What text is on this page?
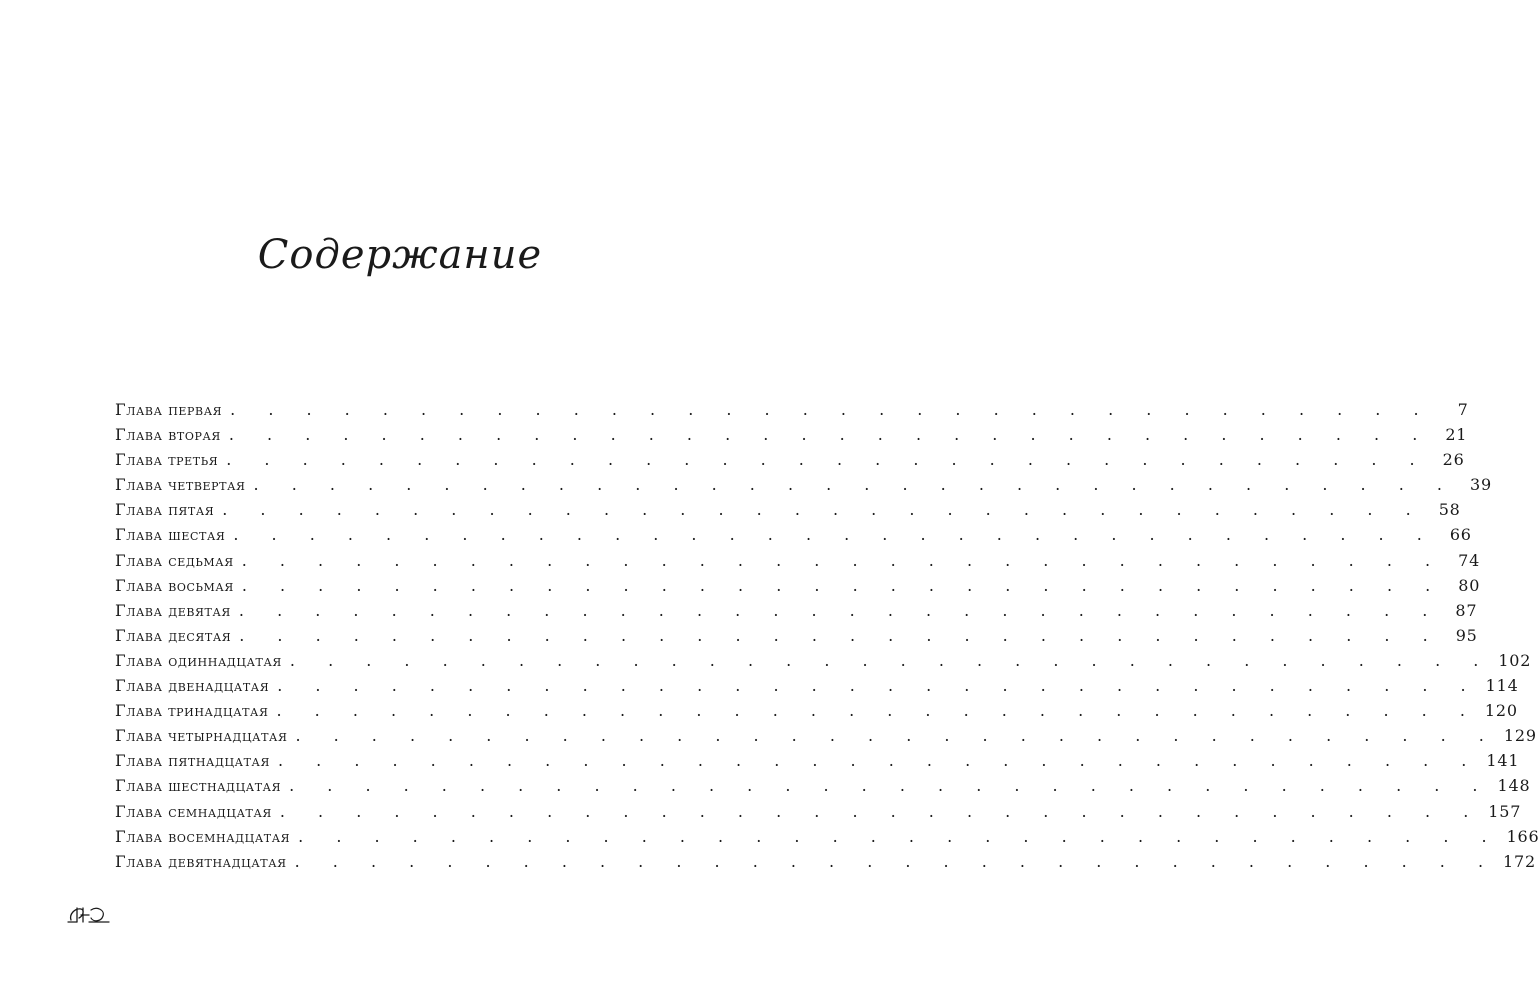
Содержание
Глава первая . . . . . . . . . . . . . . . . . . . . . . . . . . . . . . . .	7
Глава вторая . . . . . . . . . . . . . . . . . . . . . . . . . . . . . . . . 21
Глава третья . . . . . . . . . . . . . . . . . . . . . . . . . . . . . . . . 26
Глава четвертая . . . . . . . . . . . . . . . . . . . . . . . . . . . . . . . . 39
Глава пятая . . . . . . . . . . . . . . . . . . . . . . . . . . . . . . . . 58
Глава шестая . . . . . . . . . . . . . . . . . . . . . . . . . . . . . . . . 66
Глава седьмая . . . . . . . . . . . . . . . . . . . . . . . . . . . . . . . . 74
Глава восьмая . . . . . . . . . . . . . . . . . . . . . . . . . . . . . . . . 80
Глава девятая . . . . . . . . . . . . . . . . . . . . . . . . . . . . . . . . 87
Глава десятая . . . . . . . . . . . . . . . . . . . . . . . . . . . . . . . . 95
Глава одиннадцатая . . . . . . . . . . . . . . . . . . . . . . . . . . . . . . . . 102
Глава двенадцатая . . . . . . . . . . . . . . . . . . . . . . . . . . . . . . . . 114
Глава тринадцатая . . . . . . . . . . . . . . . . . . . . . . . . . . . . . . . . 120
Глава четырнадцатая . . . . . . . . . . . . . . . . . . . . . . . . . . . . . . . . 129
Глава пятнадцатая . . . . . . . . . . . . . . . . . . . . . . . . . . . . . . . . 141
Глава шестнадцатая . . . . . . . . . . . . . . . . . . . . . . . . . . . . . . . . 148
Глава семнадцатая . . . . . . . . . . . . . . . . . . . . . . . . . . . . . . . . 157
Глава восемнадцатая . . . . . . . . . . . . . . . . . . . . . . . . . . . . . . . . 166
Глава девятнадцатая . . . . . . . . . . . . . . . . . . . . . . . . . . . . . . . . 172
